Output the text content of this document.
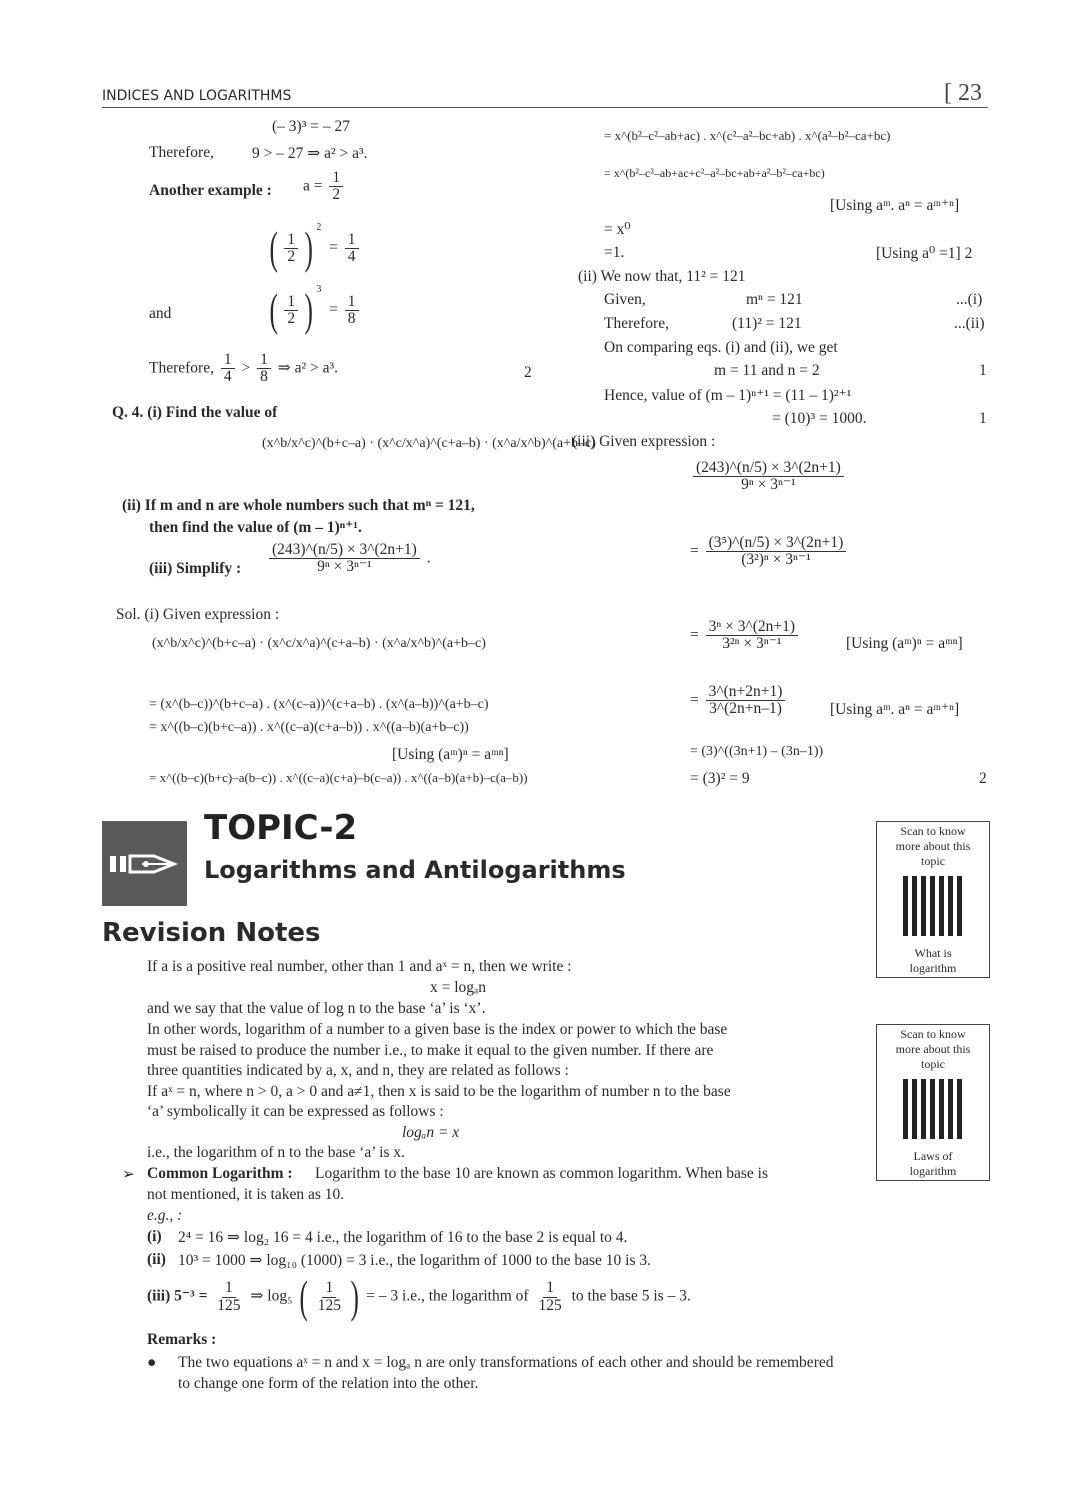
INDICES AND LOGARITHMS	[ 23
(– 3)³ = – 27
Therefore, 9 > – 27 ⇒ a² > a³.
Another example : $a = \frac{1}{2}$
( $\frac{1}{2}$ ) $^2 = \frac{1}{4}$
and ( $\frac{1}{2}$ ) $^3 = \frac{1}{8}$
Therefore, $\frac{1}{4} > \frac{1}{8}$ ⇒ a² > a³.	2
Q. 4. (i) Find the value of
(x^b/x^c)^(b+c–a) · (x^c/x^a)^(c+a–b) · (x^a/x^b)^(a+b–c)
(ii) If m and n are whole numbers such that mⁿ = 121,
then find the value of (m – 1)ⁿ⁺¹.
(iii) Simplify : $\frac{(243)\^{}(n/5) \times 3\^{}(2n+1)}{\text{9ⁿ × 3ⁿ⁻¹}}$ .
Sol. (i) Given expression :
(x^b/x^c)^(b+c–a) · (x^c/x^a)^(c+a–b) · (x^a/x^b)^(a+b–c)
= (x^(b–c))^(b+c–a) . (x^(c–a))^(c+a–b) . (x^(a–b))^(a+b–c)
= x^((b–c)(b+c–a)) . x^((c–a)(c+a–b)) . x^((a–b)(a+b–c))
[Using (aᵐ)ⁿ = aᵐⁿ]
= x^((b–c)(b+c)–a(b–c)) . x^((c–a)(c+a)–b(c–a)) . x^((a–b)(a+b)–c(a–b))
= x^(b²–c²–ab+ac) . x^(c²–a²–bc+ab) . x^(a²–b²–ca+bc)
= x^(b²–c²–ab+ac+c²–a²–bc+ab+a²–b²–ca+bc)
[Using aᵐ. aⁿ = aᵐ⁺ⁿ]
= x⁰
=1.	[Using a⁰ =1] 2
(ii) We now that, 11² = 121
Given,	mⁿ = 121	...(i)
Therefore,	(11)² = 121	...(ii)
On comparing eqs. (i) and (ii), we get
m = 11 and n = 2	1
Hence, value of (m – 1)ⁿ⁺¹ = (11 – 1)²⁺¹
= (10)³ = 1000.	1
(iii) Given expression :
$\frac{(243)\^{}(n/5) \times 3\^{}(2n+1)}{\text{9ⁿ × 3ⁿ⁻¹}}$
= $\frac{\text{(3⁵)\textasciicircum{}(n/5) × 3\textasciicircum{}(2n+1)}}{\text{(3²)ⁿ × 3ⁿ⁻¹}}$
= $\frac{\text{3ⁿ × 3\textasciicircum{}(2n+1)}}{\text{3²ⁿ × 3ⁿ⁻¹}}$	[Using (aᵐ)ⁿ = aᵐⁿ]
= $\frac{3\^{}(n+2n+1)}{3\^{}(2n+n-1)}$	[Using aᵐ. aⁿ = aᵐ⁺ⁿ]
= (3)^((3n+1) – (3n–1))
= (3)² = 9	2
TOPIC-2
Logarithms and Antilogarithms
Scan to know more about this topic
What is logarithm
Scan to know more about this topic
Laws of logarithm
Revision Notes
If a is a positive real number, other than 1 and aˣ = n, then we write :
x = logₐn
and we say that the value of log n to the base ‘a’ is ‘x’.
In other words, logarithm of a number to a given base is the index or power to which the base
must be raised to produce the number i.e., to make it equal to the given number. If there are
three quantities indicated by a, x, and n, they are related as follows :
If aˣ = n, where n > 0, a > 0 and a≠1, then x is said to be the logarithm of number n to the base
‘a’ symbolically it can be expressed as follows :
logₐn = x
i.e., the logarithm of n to the base ‘a’ is x.
➢ Common Logarithm : Logarithm to the base 10 are known as common logarithm. When base is
not mentioned, it is taken as 10.
e.g., :
(i) 2⁴ = 16 ⇒ log₂ 16 = 4 i.e., the logarithm of 16 to the base 2 is equal to 4.
(ii) 10³ = 1000 ⇒ log₁₀ (1000) = 3 i.e., the logarithm of 1000 to the base 10 is 3.
(iii) $5^{-3} = \frac{1}{125}$ ⇒ log₅ ( $\frac{1}{125}$ ) = – 3 i.e., the logarithm of $\frac{1}{125}$ to the base 5 is – 3.
Remarks :
● The two equations aˣ = n and x = logₐ n are only transformations of each other and should be remembered
to change one form of the relation into the other.
